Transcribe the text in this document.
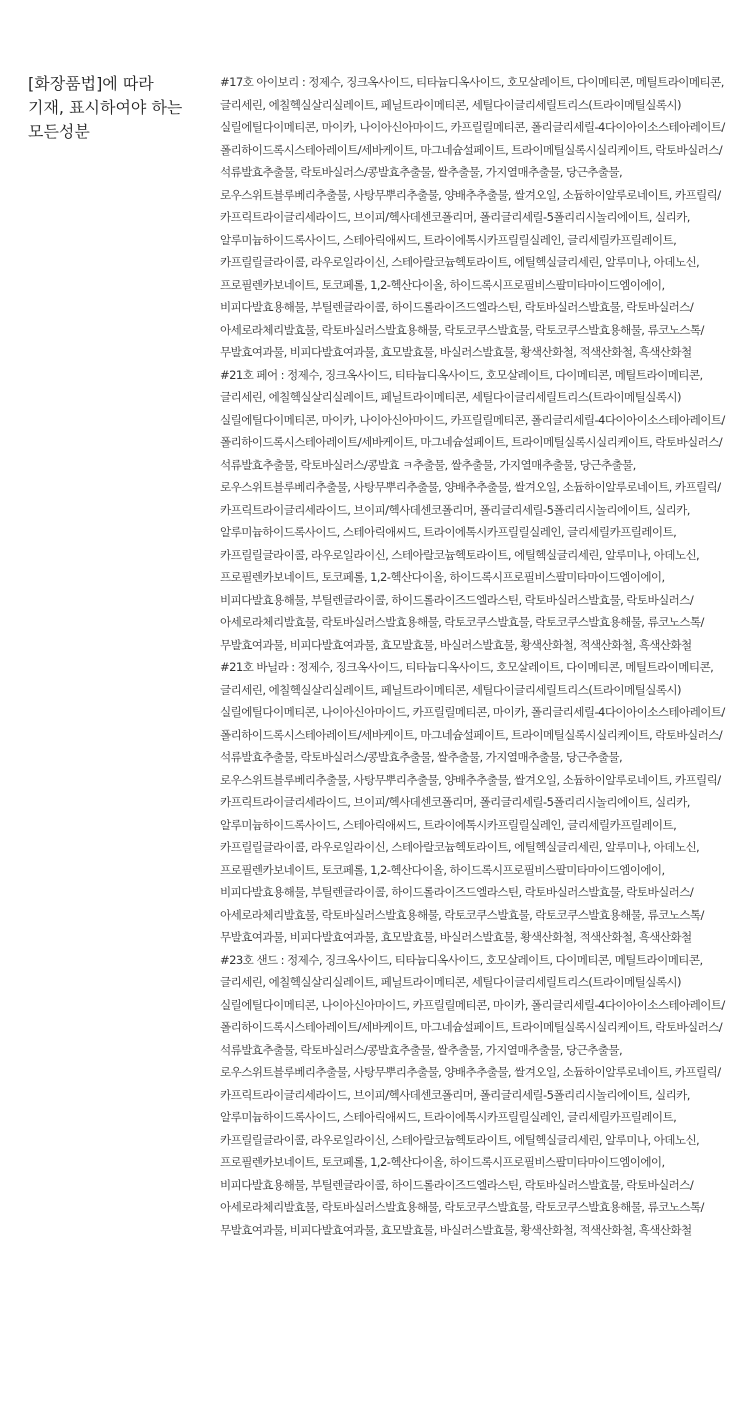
[화장품법]에 따라
기재, 표시하여야 하는
모든성분

#17호 아이보리 : 정제수, 징크옥사이드, 티타늄디옥사이드, 호모살레이트, 다이메티콘, 메틸트라이메티콘, 글리세린, 에칠헥실살리실레이트, 페닐트라이메티콘, 세틸다이글리세릴트리스(트라이메틸실록시)실릴에틸다이메티콘, 마이카, 나이아신아마이드, 카프릴릴메티콘, 폴리글리세릴-4다이아이소스테아레이트/폴리하이드록시스테아레이트/세바케이트, 마그네슘설페이트, 트라이메틸실록시실리케이트, 락토바실러스/석류발효추출물, 락토바실러스/콩발효추출물, 쌀추출물, 가지열매추출물, 당근추출물, 로우스위트블루베리추출물, 사탕무뿌리추출물, 양배추추출물, 쌀겨오일, 소듐하이알루로네이트, 카프릴릭/카프릭트라이글리세라이드, 브이피/헥사데센코폴리머, 폴리글리세릴-5폴리리시놀리에이트, 실리카, 알루미늄하이드록사이드, 스테아릭애씨드, 트라이에톡시카프릴릴실레인, 글리세릴카프릴레이트, 카프릴릴글라이콜, 라우로일라이신, 스테아랄코늄헥토라이트, 에틸헥실글리세린, 알루미나, 아데노신, 프로필렌카보네이트, 토코페롤, 1,2-헥산다이올, 하이드록시프로필비스팔미타마이드엠이에이, 비피다발효용해물, 부틸렌글라이콜, 하이드롤라이즈드엘라스틴, 락토바실러스발효물, 락토바실러스/아세로라체리발효물, 락토바실러스발효용해물, 락토코쿠스발효물, 락토코쿠스발효용해물, 류코노스톡/무발효여과물, 비피다발효여과물, 효모발효물, 바실러스발효물, 황색산화철, 적색산화철, 흑색산화철

#21호 페어 : 정제수, 징크옥사이드, 티타늄디옥사이드, 호모살레이트, 다이메티콘, 메틸트라이메티콘, 글리세린, 에칠헥실살리실레이트, 페닐트라이메티콘, 세틸다이글리세릴트리스(트라이메틸실록시)실릴에틸다이메티콘, 마이카, 나이아신아마이드, 카프릴릴메티콘, 폴리글리세릴-4다이아이소스테아레이트/폴리하이드록시스테아레이트/세바케이트, 마그네슘설페이트, 트라이메틸실록시실리케이트, 락토바실러스/석류발효추출물, 락토바실러스/콩발효 ㅋ추출물, 쌀추출물, 가지열매추출물, 당근추출물, 로우스위트블루베리추출물, 사탕무뿌리추출물, 양배추추출물, 쌀겨오일, 소듐하이알루로네이트, 카프릴릭/카프릭트라이글리세라이드, 브이피/헥사데센코폴리머, 폴리글리세릴-5폴리리시놀리에이트, 실리카, 알루미늄하이드록사이드, 스테아릭애씨드, 트라이에톡시카프릴릴실레인, 글리세릴카프릴레이트, 카프릴릴글라이콜, 라우로일라이신, 스테아랄코늄헥토라이트, 에틸헥실글리세린, 알루미나, 아데노신, 프로필렌카보네이트, 토코페롤, 1,2-헥산다이올, 하이드록시프로필비스팔미타마이드엠이에이, 비피다발효용해물, 부틸렌글라이콜, 하이드롤라이즈드엘라스틴, 락토바실러스발효물, 락토바실러스/아세로라체리발효물, 락토바실러스발효용해물, 락토코쿠스발효물, 락토코쿠스발효용해물, 류코노스톡/무발효여과물, 비피다발효여과물, 효모발효물, 바실러스발효물, 황색산화철, 적색산화철, 흑색산화철

#21호 바닐라 : 정제수, 징크옥사이드, 티타늄디옥사이드, 호모살레이트, 다이메티콘, 메틸트라이메티콘, 글리세린, 에칠헥실살리실레이트, 페닐트라이메티콘, 세틸다이글리세릴트리스(트라이메틸실록시)실릴에틸다이메티콘, 나이아신아마이드, 카프릴릴메티콘, 마이카, 폴리글리세릴-4다이아이소스테아레이트/폴리하이드록시스테아레이트/세바케이트, 마그네슘설페이트, 트라이메틸실록시실리케이트, 락토바실러스/석류발효추출물, 락토바실러스/콩발효추출물, 쌀추출물, 가지열매추출물, 당근추출물, 로우스위트블루베리추출물, 사탕무뿌리추출물, 양배추추출물, 쌀겨오일, 소듐하이알루로네이트, 카프릴릭/카프릭트라이글리세라이드, 브이피/헥사데센코폴리머, 폴리글리세릴-5폴리리시놀리에이트, 실리카, 알루미늄하이드록사이드, 스테아릭애씨드, 트라이에톡시카프릴릴실레인, 글리세릴카프릴레이트, 카프릴릴글라이콜, 라우로일라이신, 스테아랄코늄헥토라이트, 에틸헥실글리세린, 알루미나, 아데노신, 프로필렌카보네이트, 토코페롤, 1,2-헥산다이올, 하이드록시프로필비스팔미타마이드엠이에이, 비피다발효용해물, 부틸렌글라이콜, 하이드롤라이즈드엘라스틴, 락토바실러스발효물, 락토바실러스/아세로라체리발효물, 락토바실러스발효용해물, 락토코쿠스발효물, 락토코쿠스발효용해물, 류코노스톡/무발효여과물, 비피다발효여과물, 효모발효물, 바실러스발효물, 황색산화철, 적색산화철, 흑색산화철

#23호 샌드 : 정제수, 징크옥사이드, 티타늄디옥사이드, 호모살레이트, 다이메티콘, 메틸트라이메티콘, 글리세린, 에칠헥실살리실레이트, 페닐트라이메티콘, 세틸다이글리세릴트리스(트라이메틸실록시)실릴에틸다이메티콘, 나이아신아마이드, 카프릴릴메티콘, 마이카, 폴리글리세릴-4다이아이소스테아레이트/폴리하이드록시스테아레이트/세바케이트, 마그네슘설페이트, 트라이메틸실록시실리케이트, 락토바실러스/석류발효추출물, 락토바실러스/콩발효추출물, 쌀추출물, 가지열매추출물, 당근추출물, 로우스위트블루베리추출물, 사탕무뿌리추출물, 양배추추출물, 쌀겨오일, 소듐하이알루로네이트, 카프릴릭/카프릭트라이글리세라이드, 브이피/헥사데센코폴리머, 폴리글리세릴-5폴리리시놀리에이트, 실리카, 알루미늄하이드록사이드, 스테아릭애씨드, 트라이에톡시카프릴릴실레인, 글리세릴카프릴레이트, 카프릴릴글라이콜, 라우로일라이신, 스테아랄코늄헥토라이트, 에틸헥실글리세린, 알루미나, 아데노신, 프로필렌카보네이트, 토코페롤, 1,2-헥산다이올, 하이드록시프로필비스팔미타마이드엠이에이, 비피다발효용해물, 부틸렌글라이콜, 하이드롤라이즈드엘라스틴, 락토바실러스발효물, 락토바실러스/아세로라체리발효물, 락토바실러스발효용해물, 락토코쿠스발효물, 락토코쿠스발효용해물, 류코노스톡/무발효여과물, 비피다발효여과물, 효모발효물, 바실러스발효물, 황색산화철, 적색산화철, 흑색산화철
